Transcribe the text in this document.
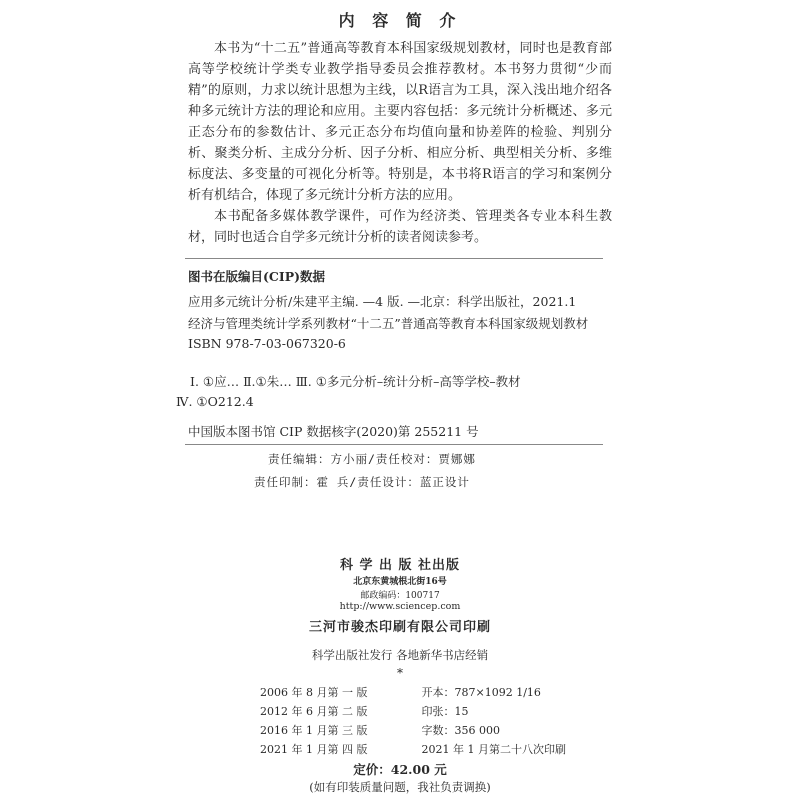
内 容 简 介

本书为“十二五”普通高等教育本科国家级规划教材，同时也是教育部高等学校统计学类专业教学指导委员会推荐教材。本书努力贯彻“少而精”的原则，力求以统计思想为主线，以R语言为工具，深入浅出地介绍各种多元统计方法的理论和应用。主要内容包括：多元统计分析概述、多元正态分布的参数估计、多元正态分布均值向量和协差阵的检验、判别分析、聚类分析、主成分分析、因子分析、相应分析、典型相关分析、多维标度法、多变量的可视化分析等。特别是，本书将R语言的学习和案例分析有机结合，体现了多元统计分析方法的应用。

本书配备多媒体教学课件，可作为经济类、管理类各专业本科生教材，同时也适合自学多元统计分析的读者阅读参考。

图书在版编目(CIP)数据
应用多元统计分析/朱建平主编. —4 版. —北京：科学出版社，2021.1
经济与管理类统计学系列教材“十二五”普通高等教育本科国家级规划教材
ISBN 978-7-03-067320-6
Ⅰ. ①应… Ⅱ.①朱… Ⅲ. ①多元分析–统计分析–高等学校–教材
Ⅳ. ①O212.4
中国版本图书馆 CIP 数据核字(2020)第 255211 号
责任编辑：方小丽/责任校对：贾娜娜
责任印制：霍 兵/责任设计：蓝正设计
科 学 出 版 社出版
北京东黄城根北街16号
邮政编码：100717
http://www.sciencep.com
三河市骏杰印刷有限公司印刷
科学出版社发行 各地新华书店经销
*
2006 年 8 月第 一 版	开本：787×1092 1/16
2012 年 6 月第 二 版	印张：15
2016 年 1 月第 三 版	字数：356 000
2021 年 1 月第 四 版	2021 年 1 月第二十八次印刷
定价：42.00 元
(如有印装质量问题，我社负责调换)
